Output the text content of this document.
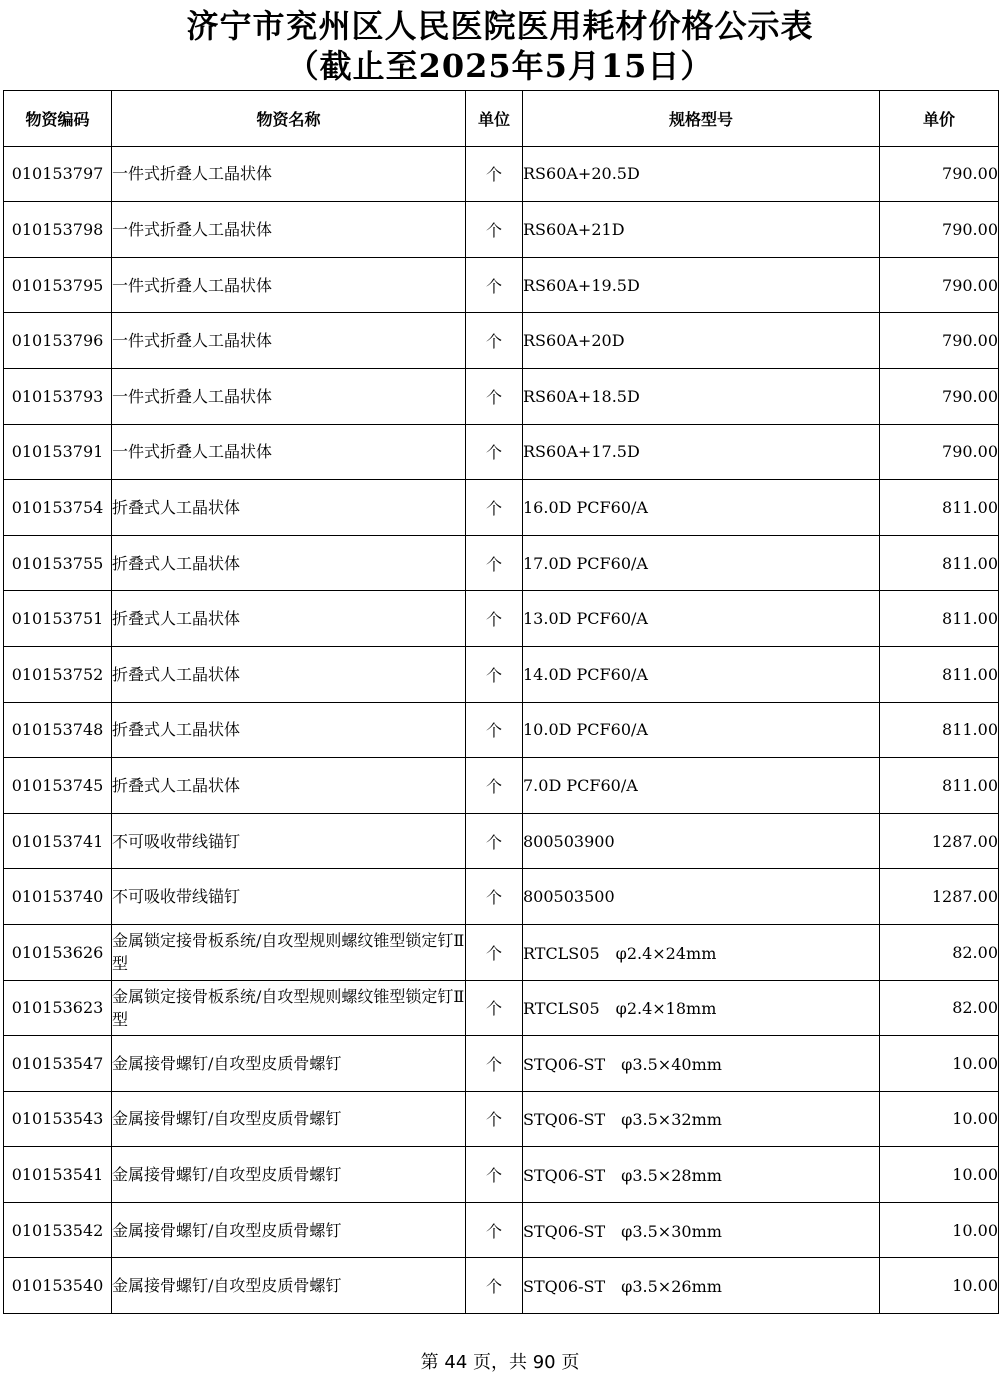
济宁市兖州区人民医院医用耗材价格公示表
（截止至2025年5月15日）
物资编码	物资名称	单位	规格型号	单价
010153797	一件式折叠人工晶状体	个	RS60A+20.5D	790.00
010153798	一件式折叠人工晶状体	个	RS60A+21D	790.00
010153795	一件式折叠人工晶状体	个	RS60A+19.5D	790.00
010153796	一件式折叠人工晶状体	个	RS60A+20D	790.00
010153793	一件式折叠人工晶状体	个	RS60A+18.5D	790.00
010153791	一件式折叠人工晶状体	个	RS60A+17.5D	790.00
010153754	折叠式人工晶状体	个	16.0D PCF60/A	811.00
010153755	折叠式人工晶状体	个	17.0D PCF60/A	811.00
010153751	折叠式人工晶状体	个	13.0D PCF60/A	811.00
010153752	折叠式人工晶状体	个	14.0D PCF60/A	811.00
010153748	折叠式人工晶状体	个	10.0D PCF60/A	811.00
010153745	折叠式人工晶状体	个	7.0D PCF60/A	811.00
010153741	不可吸收带线锚钉	个	800503900	1287.00
010153740	不可吸收带线锚钉	个	800503500	1287.00
010153626	金属锁定接骨板系统/自攻型规则螺纹锥型锁定钉Ⅱ型	个	RTCLS05　φ2.4×24mm	82.00
010153623	金属锁定接骨板系统/自攻型规则螺纹锥型锁定钉Ⅱ型	个	RTCLS05　φ2.4×18mm	82.00
010153547	金属接骨螺钉/自攻型皮质骨螺钉	个	STQ06-ST　φ3.5×40mm	10.00
010153543	金属接骨螺钉/自攻型皮质骨螺钉	个	STQ06-ST　φ3.5×32mm	10.00
010153541	金属接骨螺钉/自攻型皮质骨螺钉	个	STQ06-ST　φ3.5×28mm	10.00
010153542	金属接骨螺钉/自攻型皮质骨螺钉	个	STQ06-ST　φ3.5×30mm	10.00
010153540	金属接骨螺钉/自攻型皮质骨螺钉	个	STQ06-ST　φ3.5×26mm	10.00
第 44 页，共 90 页
